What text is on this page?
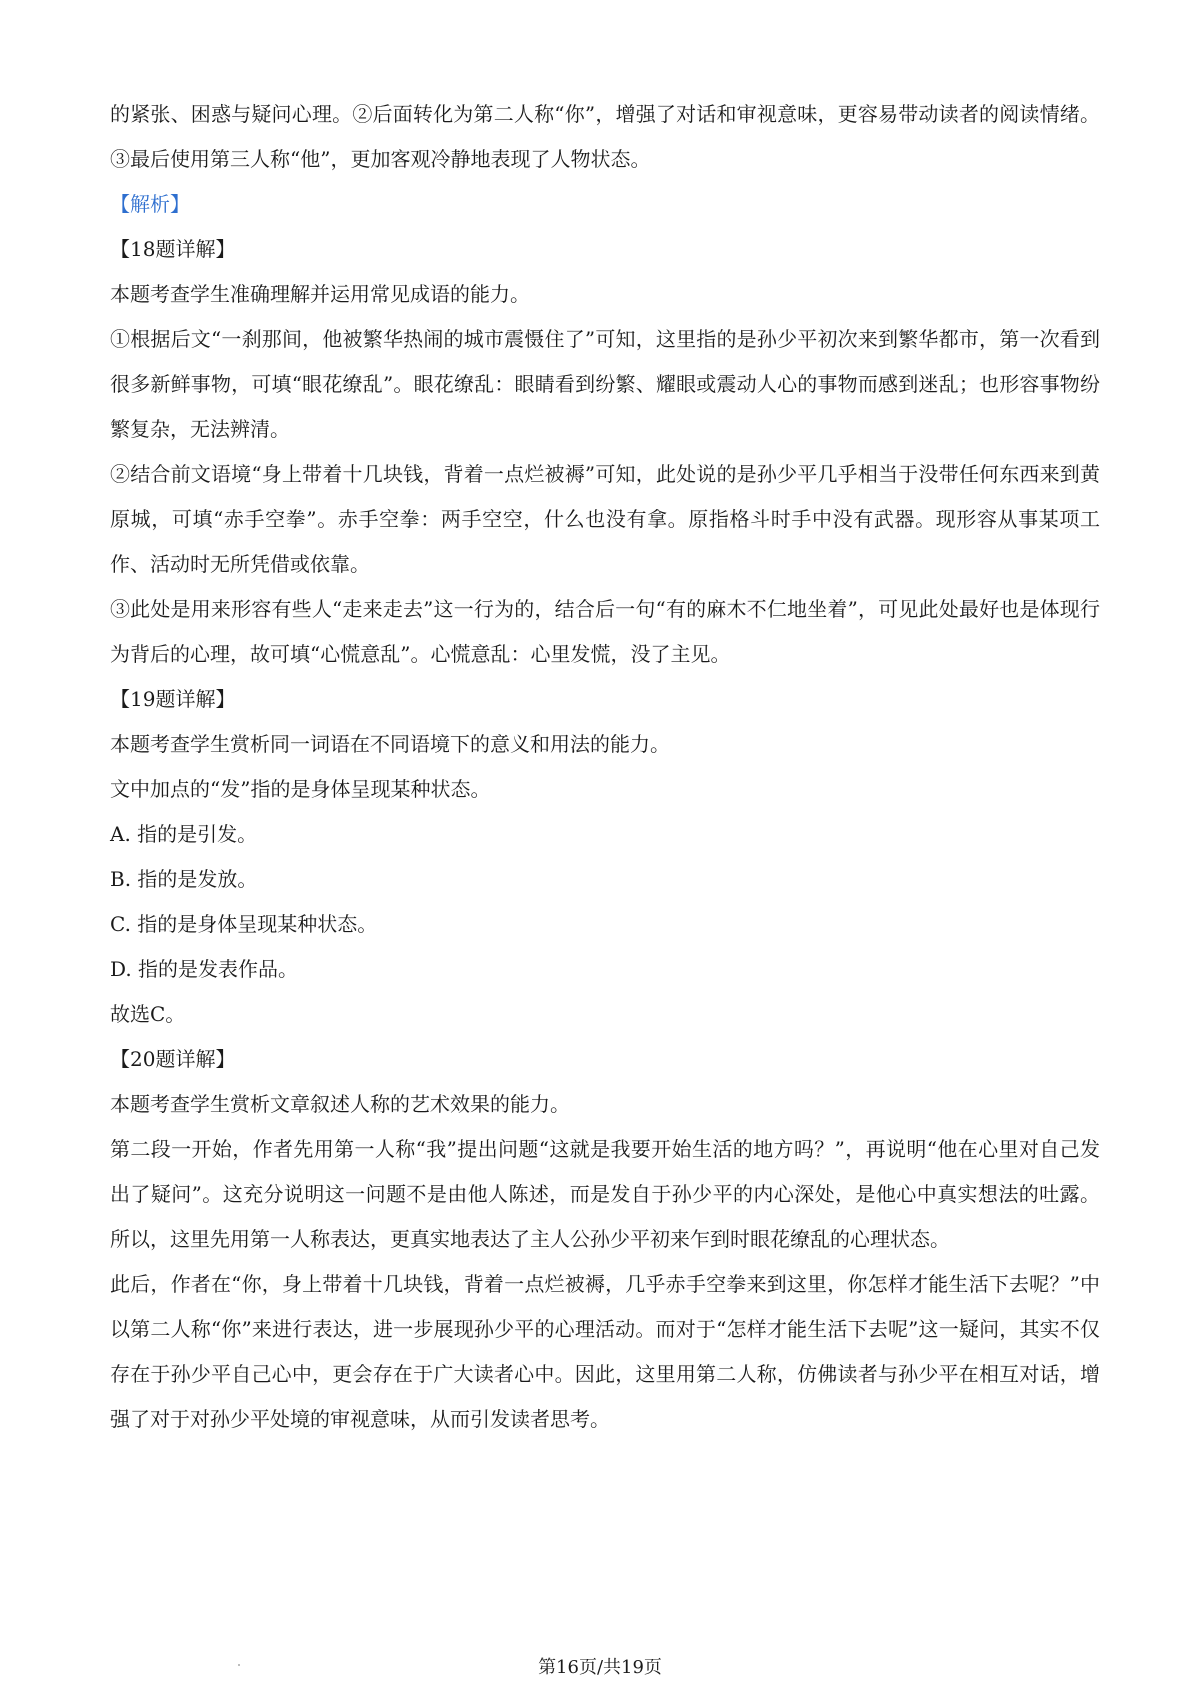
的紧张、困惑与疑问心理。②后面转化为第二人称“你”，增强了对话和审视意味，更容易带动读者的阅读情绪。③最后使用第三人称“他”，更加客观冷静地表现了人物状态。

【解析】

【18题详解】

本题考查学生准确理解并运用常见成语的能力。

①根据后文“一刹那间，他被繁华热闹的城市震慑住了”可知，这里指的是孙少平初次来到繁华都市，第一次看到很多新鲜事物，可填“眼花缭乱”。眼花缭乱：眼睛看到纷繁、耀眼或震动人心的事物而感到迷乱；也形容事物纷繁复杂，无法辨清。

②结合前文语境“身上带着十几块钱，背着一点烂被褥”可知，此处说的是孙少平几乎相当于没带任何东西来到黄原城，可填“赤手空拳”。赤手空拳：两手空空，什么也没有拿。原指格斗时手中没有武器。现形容从事某项工作、活动时无所凭借或依靠。

③此处是用来形容有些人“走来走去”这一行为的，结合后一句“有的麻木不仁地坐着”，可见此处最好也是体现行为背后的心理，故可填“心慌意乱”。心慌意乱：心里发慌，没了主见。

【19题详解】

本题考查学生赏析同一词语在不同语境下的意义和用法的能力。

文中加点的“发”指的是身体呈现某种状态。

A. 指的是引发。

B. 指的是发放。

C. 指的是身体呈现某种状态。

D. 指的是发表作品。

故选C。

【20题详解】

本题考查学生赏析文章叙述人称的艺术效果的能力。

第二段一开始，作者先用第一人称“我”提出问题“这就是我要开始生活的地方吗？”，再说明“他在心里对自己发出了疑问”。这充分说明这一问题不是由他人陈述，而是发自于孙少平的内心深处，是他心中真实想法的吐露。所以，这里先用第一人称表达，更真实地表达了主人公孙少平初来乍到时眼花缭乱的心理状态。

此后，作者在“你，身上带着十几块钱，背着一点烂被褥，几乎赤手空拳来到这里，你怎样才能生活下去呢？”中以第二人称“你”来进行表达，进一步展现孙少平的心理活动。而对于“怎样才能生活下去呢”这一疑问，其实不仅存在于孙少平自己心中，更会存在于广大读者心中。因此，这里用第二人称，仿佛读者与孙少平在相互对话，增强了对于对孙少平处境的审视意味，从而引发读者思考。

第16页/共19页
